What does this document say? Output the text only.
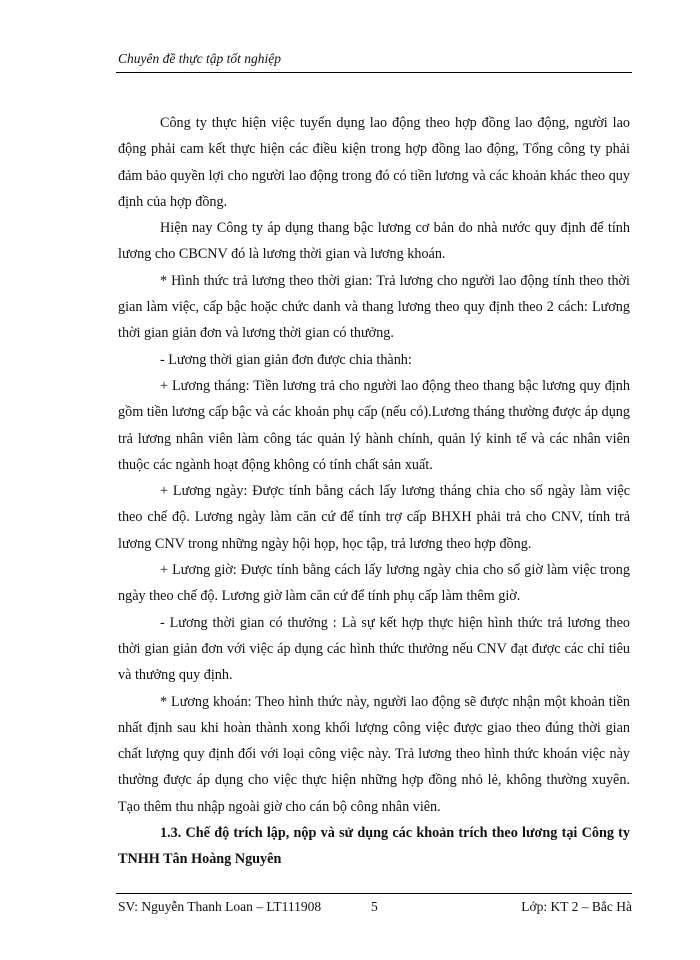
Chuyên đề thực tập tốt nghiệp

Công ty thực hiện việc tuyển dụng lao động theo hợp đồng lao động, người lao động phải cam kết thực hiện các điều kiện trong hợp đồng lao động, Tổng công ty phải đảm bảo quyền lợi cho người lao động trong đó có tiền lương và các khoản khác theo quy định của hợp đồng.

Hiện nay Công ty áp dụng thang bậc lương cơ bản do nhà nước quy định để tính lương cho CBCNV đó là lương thời gian và lương khoán.

* Hình thức trả lương theo thời gian: Trả lương cho người lao động tính theo thời gian làm việc, cấp bậc hoặc chức danh và thang lương theo quy định theo 2 cách: Lương thời gian giản đơn và lương thời gian có thưởng.

- Lương thời gian giản đơn được chia thành:

+ Lương tháng: Tiền lương trả cho người lao động theo thang bậc lương quy định gồm tiền lương cấp bậc và các khoản phụ cấp (nếu có).Lương tháng thường được áp dụng trả lương nhân viên làm công tác quản lý hành chính, quản lý kinh tế và các nhân viên thuộc các ngành hoạt động không có tính chất sản xuất.

+ Lương ngày: Được tính bằng cách lấy lương tháng chia cho số ngày làm việc theo chế độ. Lương ngày làm căn cứ để tính trợ cấp BHXH phải trả cho CNV, tính trả lương CNV trong những ngày hội họp, học tập, trả lương theo hợp đồng.

+ Lương giờ: Được tính bằng cách lấy lương ngày chia cho số giờ làm việc trong ngày theo chế độ. Lương giờ làm căn cứ để tính phụ cấp làm thêm giờ.

- Lương thời gian có thưởng : Là sự kết hợp thực hiện hình thức trả lương theo thời gian giản đơn với việc áp dụng các hình thức thưởng nếu CNV đạt được các chỉ tiêu và thưởng quy định.

* Lương khoán: Theo hình thức này, người lao động sẽ được nhận một khoản tiền nhất định sau khi hoàn thành xong khối lượng công việc được giao theo đúng thời gian chất lượng quy định đối với loại công việc này. Trả lương theo hình thức khoán việc này thường được áp dụng cho việc thực hiện những hợp đồng nhỏ lẻ, không thường xuyên. Tạo thêm thu nhập ngoài giờ cho cán bộ công nhân viên.

1.3. Chế độ trích lập, nộp và sử dụng các khoản trích theo lương tại Công ty TNHH Tân Hoàng Nguyên

SV: Nguyễn Thanh Loan – LT111908	5	Lớp: KT 2 – Bắc Hà
